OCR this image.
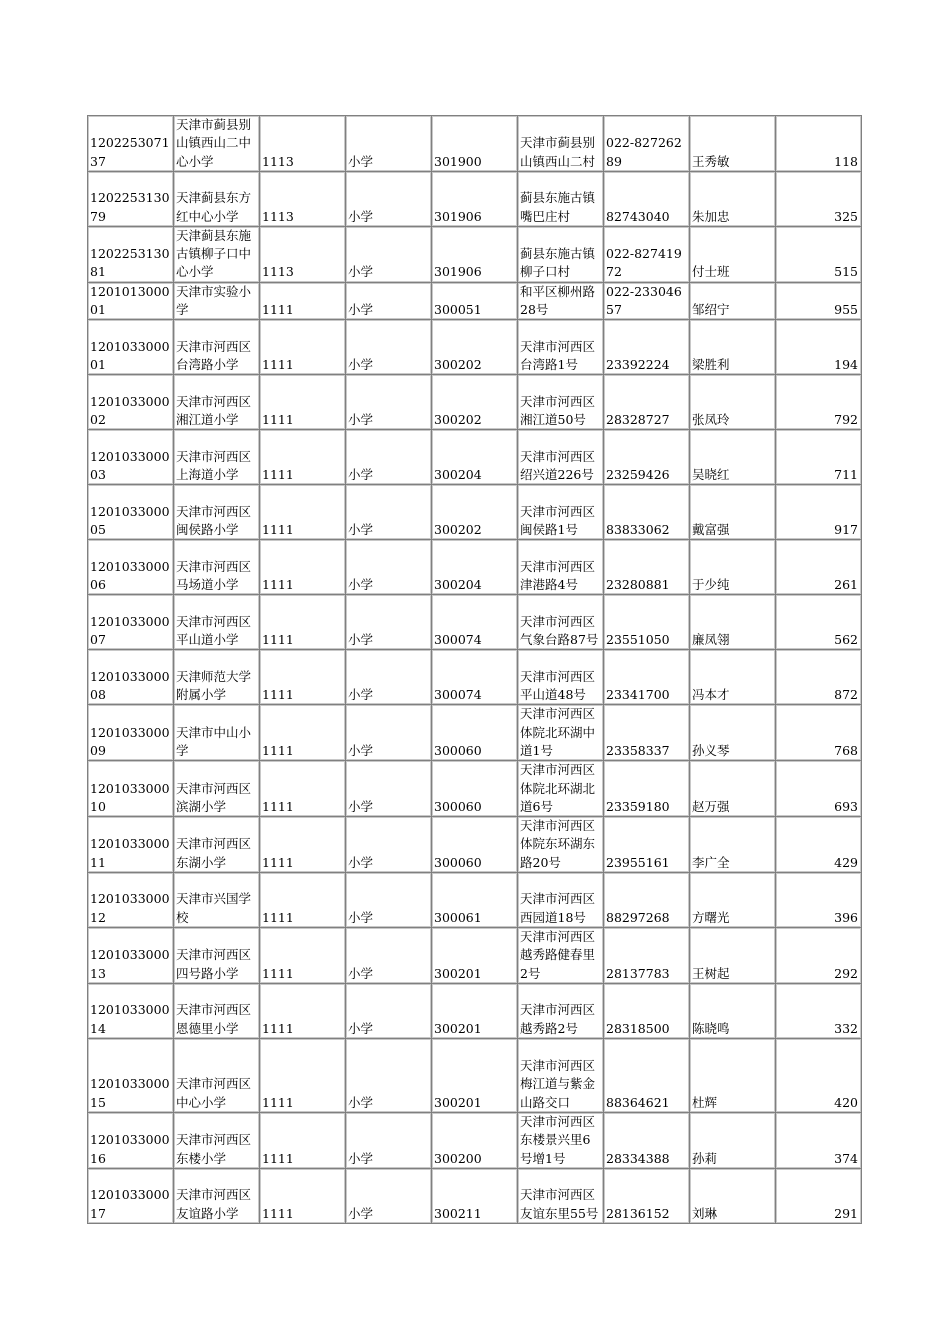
120225307137	天津市蓟县别山镇西山二中心小学	1113	小学	301900	天津市蓟县别山镇西山二村	022-82726289	王秀敏	118
120225313079	天津蓟县东方红中心小学	1113	小学	301906	蓟县东施古镇嘴巴庄村	82743040	朱加忠	325
120225313081	天津蓟县东施古镇柳子口中心小学	1113	小学	301906	蓟县东施古镇柳子口村	022-82741972	付士班	515
120101300001	天津市实验小学	1111	小学	300051	和平区柳州路28号	022-23304657	邹绍宁	955
120103300001	天津市河西区台湾路小学	1111	小学	300202	天津市河西区台湾路1号	23392224	梁胜利	194
120103300002	天津市河西区湘江道小学	1111	小学	300202	天津市河西区湘江道50号	28328727	张凤玲	792
120103300003	天津市河西区上海道小学	1111	小学	300204	天津市河西区绍兴道226号	23259426	吴晓红	711
120103300005	天津市河西区闽侯路小学	1111	小学	300202	天津市河西区闽侯路1号	83833062	戴富强	917
120103300006	天津市河西区马场道小学	1111	小学	300204	天津市河西区津港路4号	23280881	于少纯	261
120103300007	天津市河西区平山道小学	1111	小学	300074	天津市河西区气象台路87号	23551050	廉凤翎	562
120103300008	天津师范大学附属小学	1111	小学	300074	天津市河西区平山道48号	23341700	冯本才	872
120103300009	天津市中山小学	1111	小学	300060	天津市河西区体院北环湖中道1号	23358337	孙义琴	768
120103300010	天津市河西区滨湖小学	1111	小学	300060	天津市河西区体院北环湖北道6号	23359180	赵万强	693
120103300011	天津市河西区东湖小学	1111	小学	300060	天津市河西区体院东环湖东路20号	23955161	李广全	429
120103300012	天津市兴国学校	1111	小学	300061	天津市河西区西园道18号	88297268	方曙光	396
120103300013	天津市河西区四号路小学	1111	小学	300201	天津市河西区越秀路健春里2号	28137783	王树起	292
120103300014	天津市河西区恩德里小学	1111	小学	300201	天津市河西区越秀路2号	28318500	陈晓鸣	332
120103300015	天津市河西区中心小学	1111	小学	300201	天津市河西区梅江道与紫金山路交口	88364621	杜辉	420
120103300016	天津市河西区东楼小学	1111	小学	300200	天津市河西区东楼景兴里6号增1号	28334388	孙莉	374
120103300017	天津市河西区友谊路小学	1111	小学	300211	天津市河西区友谊东里55号	28136152	刘琳	291
